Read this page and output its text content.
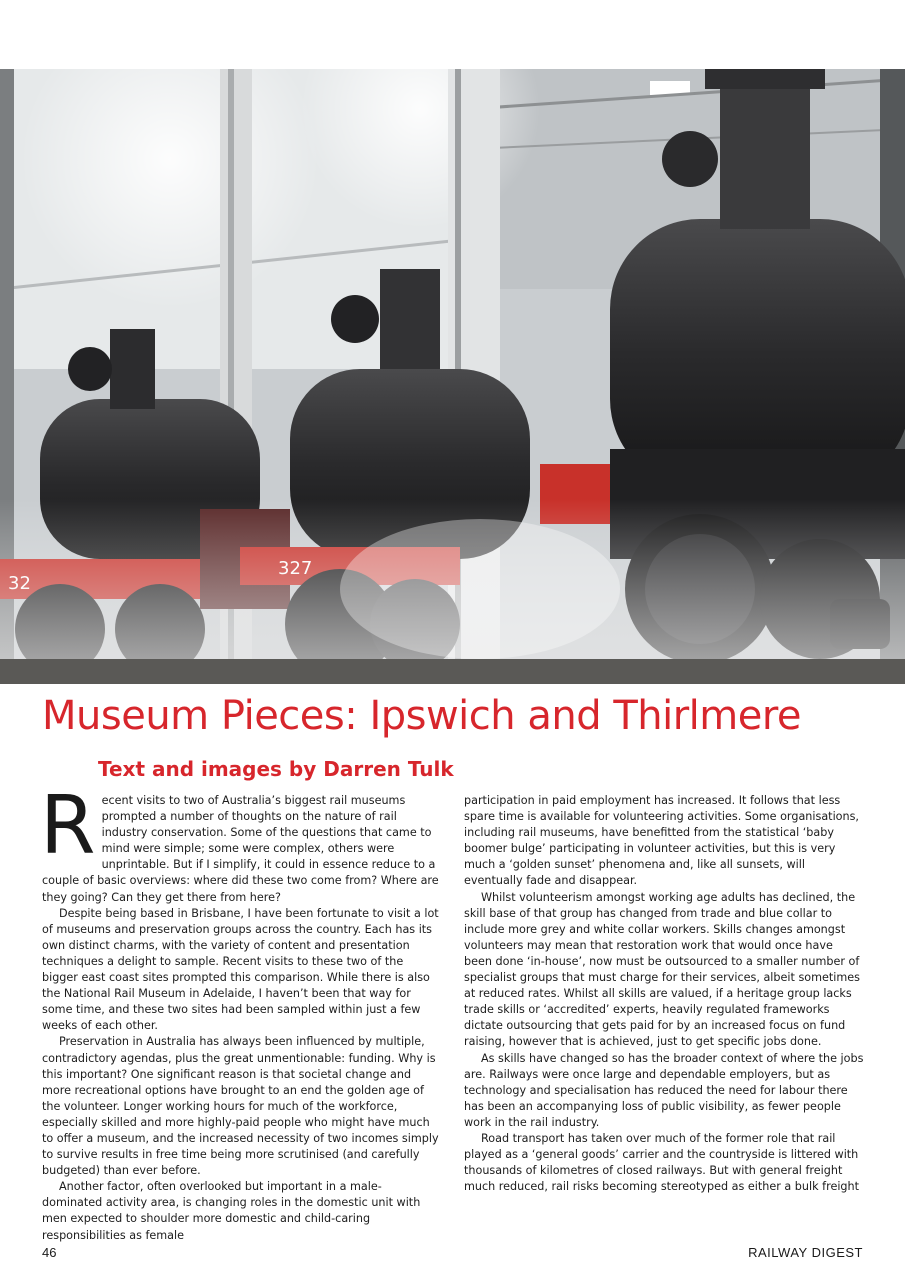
Museum Pieces: Ipswich and Thirlmere
Text and images by Darren Tulk

Recent visits to two of Australia’s biggest rail museums prompted a number of thoughts on the nature of rail industry conservation. Some of the questions that came to mind were simple; some were complex, others were unprintable. But if I simplify, it could in essence reduce to a couple of basic overviews: where did these two come from? Where are they going? Can they get there from here?

Despite being based in Brisbane, I have been fortunate to visit a lot of museums and preservation groups across the country. Each has its own distinct charms, with the variety of content and presentation techniques a delight to sample. Recent visits to these two of the bigger east coast sites prompted this comparison. While there is also the National Rail Museum in Adelaide, I haven’t been that way for some time, and these two sites had been sampled within just a few weeks of each other.

Preservation in Australia has always been influenced by multiple, contradictory agendas, plus the great unmentionable: funding. Why is this important? One significant reason is that societal change and more recreational options have brought to an end the golden age of the volunteer. Longer working hours for much of the workforce, especially skilled and more highly-paid people who might have much to offer a museum, and the increased necessity of two incomes simply to survive results in free time being more scrutinised (and carefully budgeted) than ever before.

Another factor, often overlooked but important in a male-dominated activity area, is changing roles in the domestic unit with men expected to shoulder more domestic and child-caring responsibilities as female

participation in paid employment has increased. It follows that less spare time is available for volunteering activities. Some organisations, including rail museums, have benefitted from the statistical ‘baby boomer bulge’ participating in volunteer activities, but this is very much a ‘golden sunset’ phenomena and, like all sunsets, will eventually fade and disappear.

Whilst volunteerism amongst working age adults has declined, the skill base of that group has changed from trade and blue collar to include more grey and white collar workers. Skills changes amongst volunteers may mean that restoration work that would once have been done ‘in-house’, now must be outsourced to a smaller number of specialist groups that must charge for their services, albeit sometimes at reduced rates. Whilst all skills are valued, if a heritage group lacks trade skills or ‘accredited’ experts, heavily regulated frameworks dictate outsourcing that gets paid for by an increased focus on fund raising, however that is achieved, just to get specific jobs done.

As skills have changed so has the broader context of where the jobs are. Railways were once large and dependable employers, but as technology and specialisation has reduced the need for labour there has been an accompanying loss of public visibility, as fewer people work in the rail industry.

Road transport has taken over much of the former role that rail played as a ‘general goods’ carrier and the countryside is littered with thousands of kilometres of closed railways. But with general freight much reduced, rail risks becoming stereotyped as either a bulk freight

46	RAILWAY DIGEST
